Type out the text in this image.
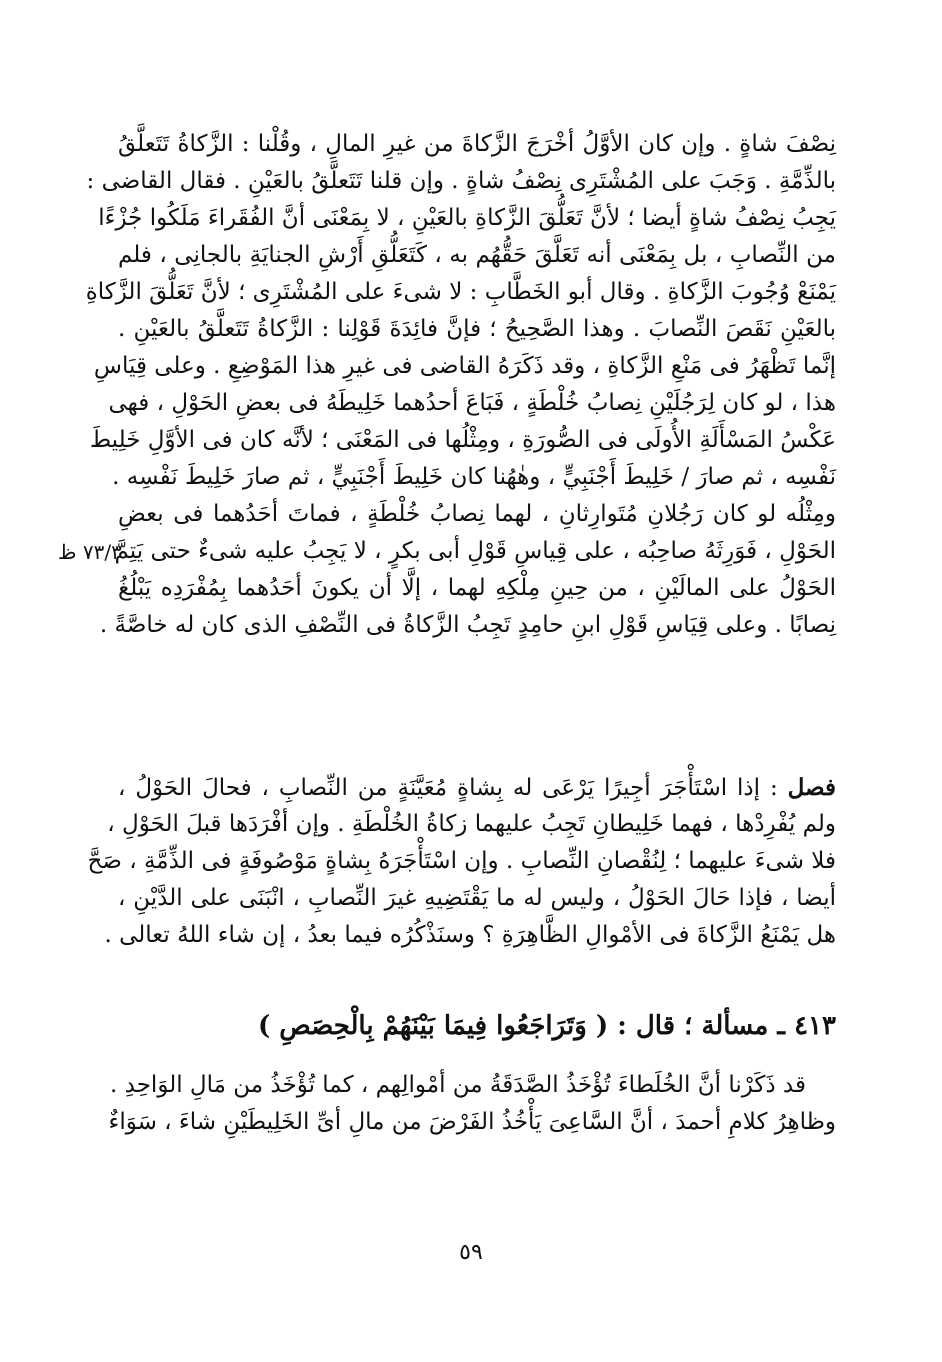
٧٣/٣ ظ
نِصْفَ شاةٍ . وإن كان الأوَّلُ أخْرَجَ الزَّكاةَ من غيرِ المالِ ، وقُلْنا : الزَّكاةُ تَتَعلَّقُ
بالذِّمَّةِ . وَجَبَ على المُشْتَرِى نِصْفُ شاةٍ . وإن قلنا تَتَعلَّقُ بالعَيْنِ . فقال القاضى :
يَجِبُ نِصْفُ شاةٍ أيضا ؛ لأنَّ تَعَلُّقَ الزَّكاةِ بالعَيْنِ ، لا بِمَعْنَى أنَّ الفُقَراءَ مَلَكُوا جُزْءًا
من النِّصابِ ، بل بِمَعْنَى أنه تَعَلَّقَ حَقُّهُم به ، كَتَعَلُّقِ أَرْشِ الجنايَةِ بالجانِى ، فلم
يَمْنَعْ وُجُوبَ الزَّكاةِ . وقال أبو الخَطَّابِ : لا شىءَ على المُشْتَرِى ؛ لأنَّ تَعَلُّقَ الزَّكاةِ
بالعَيْنِ نَقَصَ النِّصابَ . وهذا الصَّحِيحُ ؛ فإنَّ فائِدَةَ قَوْلِنا : الزَّكاةُ تَتَعلَّقُ بالعَيْنِ .
إنَّما تَظْهَرُ فى مَنْعِ الزَّكاةِ ، وقد ذَكَرَهُ القاضى فى غيرِ هذا المَوْضِعِ . وعلى قِيَاسِ
هذا ، لو كان لِرَجُلَيْنِ نِصابُ خُلْطَةٍ ، فَبَاعَ أحدُهما خَلِيطَهُ فى بعضِ الحَوْلِ ، فهى
عَكْسُ المَسْأَلَةِ الأُولَى فى الصُّورَةِ ، ومِثْلُها فى المَعْنَى ؛ لأنَّه كان فى الأوَّلِ خَلِيطَ
نَفْسِه ، ثم صارَ / خَلِيطَ أَجْنَبِيٍّ ، وهٰهُنا كان خَلِيطَ أَجْنَبِيٍّ ، ثم صارَ خَلِيطَ نَفْسِه .
ومِثْلُه لو كان رَجُلانِ مُتَوارِثانِ ، لهما نِصابُ خُلْطَةٍ ، فماتَ أحَدُهما فى بعضِ
الحَوْلِ ، فَوَرِثَهُ صاحِبُه ، على قِياسِ قَوْلِ أبى بكرٍ ، لا يَجِبُ عليه شىءٌ حتى يَتِمَّ
الحَوْلُ على المالَيْنِ ، من حِينِ مِلْكِهِ لهما ، إلَّا أن يكونَ أحَدُهما بِمُفْرَدِه يَبْلُغُ
نِصابًا . وعلى قِيَاسِ قَوْلِ ابنِ حامِدٍ تَجِبُ الزَّكاةُ فى النِّصْفِ الذى كان له خاصَّةً .
فصل : إذا اسْتَأْجَرَ أجِيرًا يَرْعَى له بِشاةٍ مُعَيَّنَةٍ من النِّصابِ ، فحالَ الحَوْلُ ،
ولم يُفْرِدْها ، فهما خَلِيطانِ تَجِبُ عليهما زكاةُ الخُلْطَةِ . وإن أفْرَدَها قبلَ الحَوْلِ ،
فلا شىءَ عليهما ؛ لِنُقْصانِ النِّصابِ . وإن اسْتَأْجَرَهُ بِشاةٍ مَوْصُوفَةٍ فى الذِّمَّةِ ، صَحَّ
أيضا ، فإذا حَالَ الحَوْلُ ، وليس له ما يَقْتَضِيهِ غيرَ النِّصابِ ، انْبَنَى على الدَّيْنِ ،
هل يَمْنَعُ الزَّكاةَ فى الأمْوالِ الظَّاهِرَةِ ؟ وسنَذْكُرُه فيما بعدُ ، إن شاء اللهُ تعالى .
٤١٣ ـ مسألة ؛ قال : ( وَتَرَاجَعُوا فِيمَا بَيْنَهُمْ بِالْحِصَصِ )
قد ذَكَرْنا أنَّ الخُلَطاءَ تُؤْخَذُ الصَّدَقَةُ من أمْوالِهم ، كما تُؤْخَذُ من مَالِ الوَاحِدِ .
وظاهِرُ كلامِ أحمدَ ، أنَّ السَّاعِىَ يَأْخُذُ الفَرْضَ من مالِ أىِّ الخَلِيطَيْنِ شاءَ ، سَوَاءٌ
٥٩
